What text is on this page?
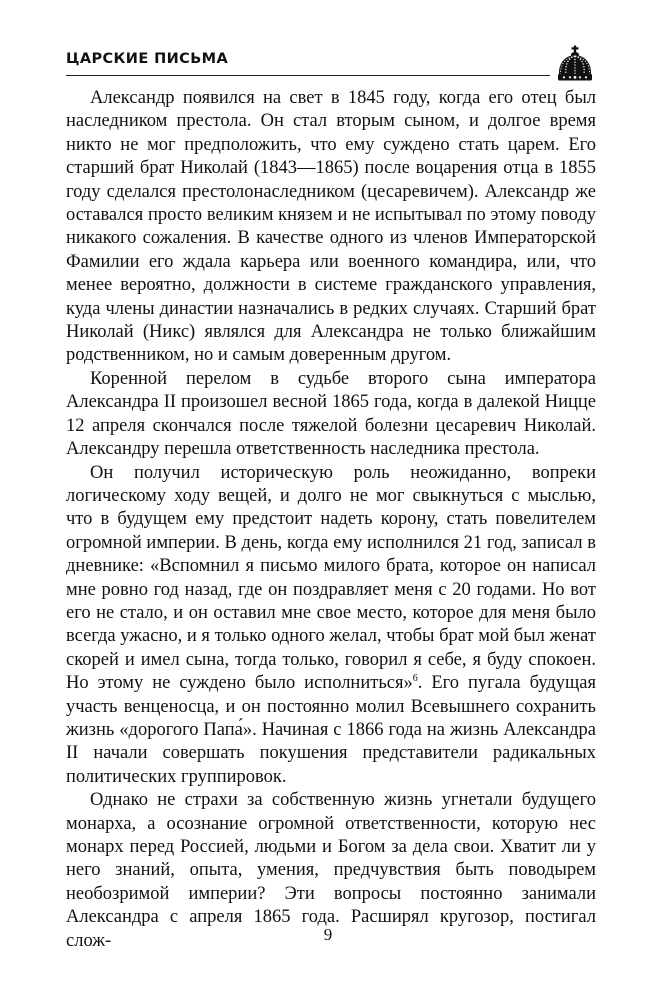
ЦАРСКИЕ ПИСЬМА

Александр появился на свет в 1845 году, когда его отец был наследником престола. Он стал вторым сыном, и долгое время никто не мог предположить, что ему суждено стать царем. Его старший брат Николай (1843—1865) после воцарения отца в 1855 году сделался престолонаследником (цесаревичем). Александр же оставался просто великим князем и не испытывал по этому поводу никакого сожаления. В качестве одного из членов Императорской Фамилии его ждала карьера или военного командира, или, что менее вероятно, должности в системе гражданского управления, куда члены династии назначались в редких случаях. Старший брат Николай (Никс) являлся для Александра не только ближайшим родственником, но и самым доверенным другом.

Коренной перелом в судьбе второго сына императора Александра II произошел весной 1865 года, когда в далекой Ницце 12 апреля скончался после тяжелой болезни цесаревич Николай. Александру перешла ответственность наследника престола.

Он получил историческую роль неожиданно, вопреки логическому ходу вещей, и долго не мог свыкнуться с мыслью, что в будущем ему предстоит надеть корону, стать повелителем огромной империи. В день, когда ему исполнился 21 год, записал в дневнике: «Вспомнил я письмо милого брата, которое он написал мне ровно год назад, где он поздравляет меня с 20 годами. Но вот его не стало, и он оставил мне свое место, которое для меня было всегда ужасно, и я только одного желал, чтобы брат мой был женат скорей и имел сына, тогда только, говорил я себе, я буду спокоен. Но этому не суждено было исполниться»$^6$. Его пугала будущая участь венценосца, и он постоянно молил Всевышнего сохранить жизнь «дорогого Папа́». Начиная с 1866 года на жизнь Александра II начали совершать покушения представители радикальных политических группировок.

Однако не страхи за собственную жизнь угнетали будущего монарха, а осознание огромной ответственности, которую нес монарх перед Россией, людьми и Богом за дела свои. Хватит ли у него знаний, опыта, умения, предчувствия быть поводырем необозримой империи? Эти вопросы постоянно занимали Александра с апреля 1865 года. Расширял кругозор, постигал слож-	9
